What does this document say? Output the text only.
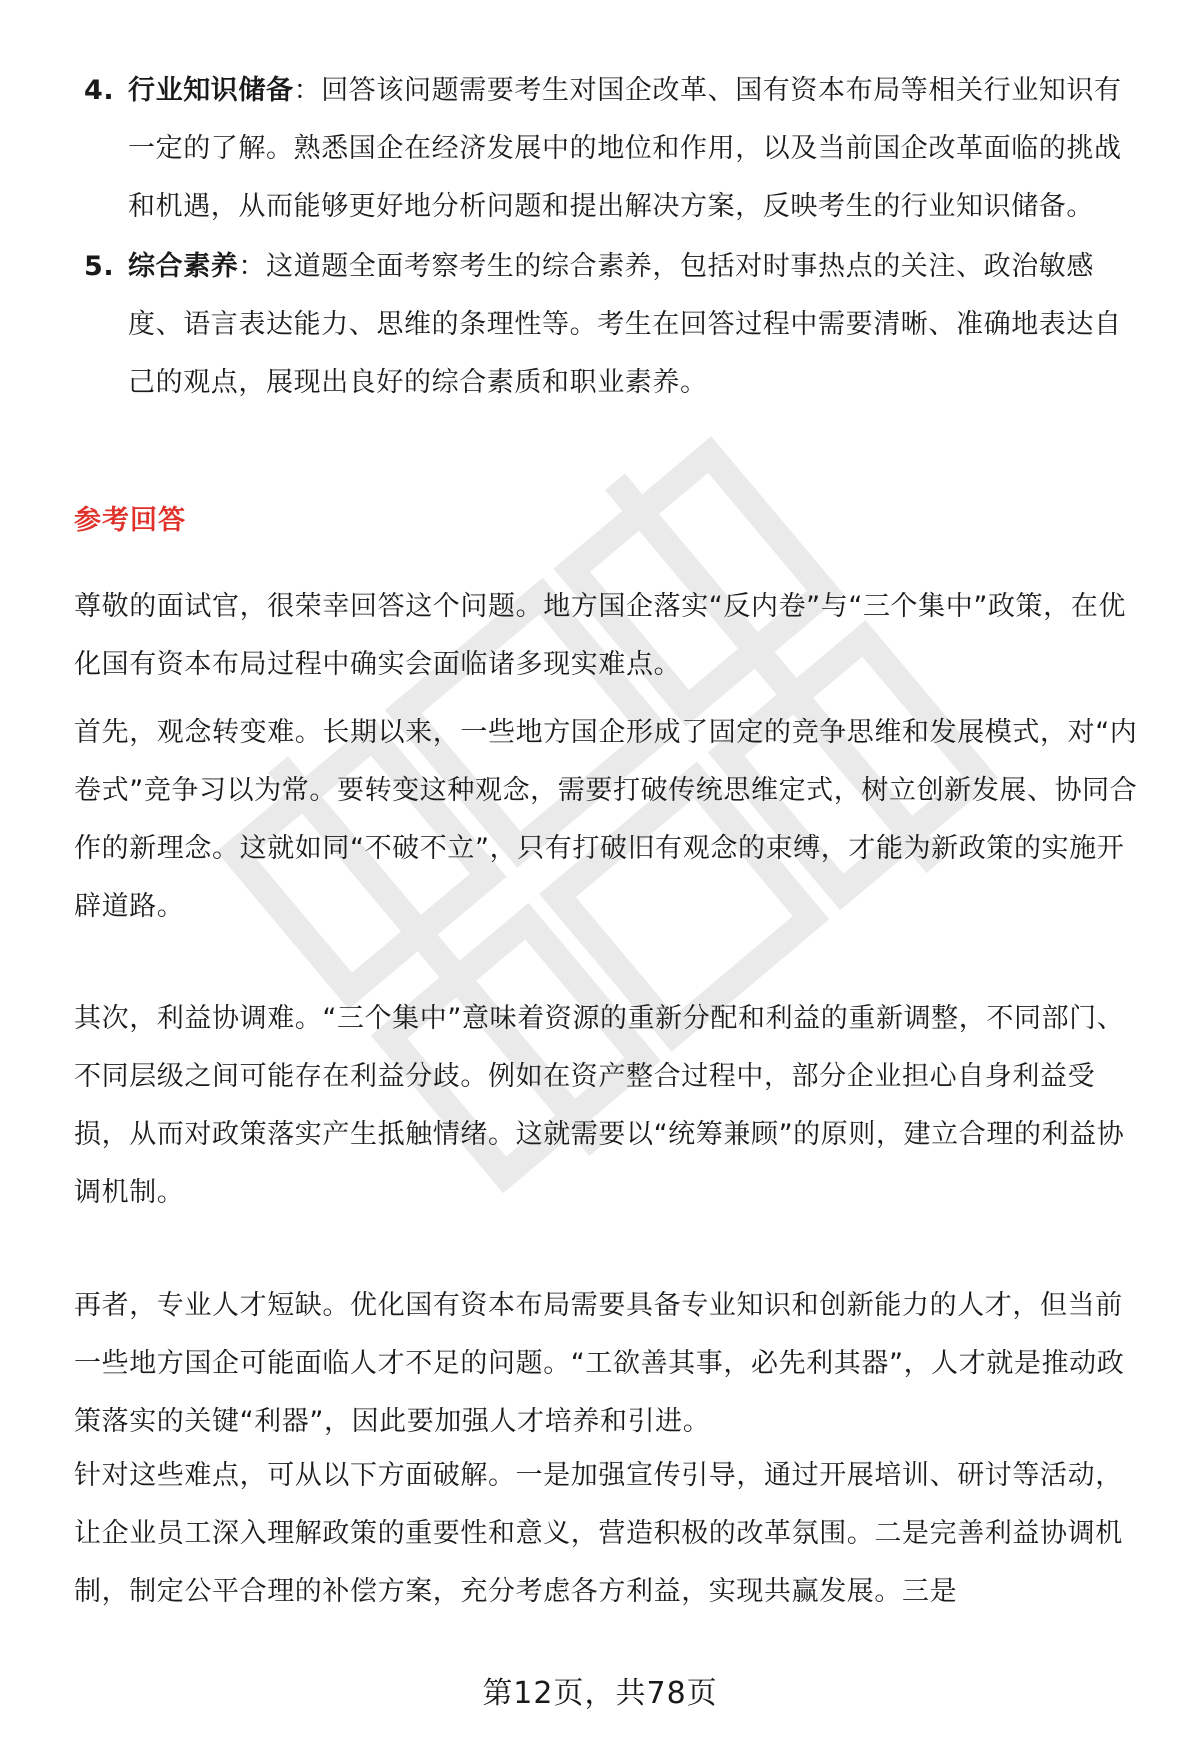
4. 行业知识储备：回答该问题需要考生对国企改革、国有资本布局等相关行业知识有一定的了解。熟悉国企在经济发展中的地位和作用，以及当前国企改革面临的挑战和机遇，从而能够更好地分析问题和提出解决方案，反映考生的行业知识储备。
5. 综合素养：这道题全面考察考生的综合素养，包括对时事热点的关注、政治敏感度、语言表达能力、思维的条理性等。考生在回答过程中需要清晰、准确地表达自己的观点，展现出良好的综合素质和职业素养。
参考回答

尊敬的面试官，很荣幸回答这个问题。地方国企落实“反内卷”与“三个集中”政策，在优化国有资本布局过程中确实会面临诸多现实难点。

首先，观念转变难。长期以来，一些地方国企形成了固定的竞争思维和发展模式，对“内卷式”竞争习以为常。要转变这种观念，需要打破传统思维定式，树立创新发展、协同合作的新理念。这就如同“不破不立”，只有打破旧有观念的束缚，才能为新政策的实施开辟道路。

其次，利益协调难。“三个集中”意味着资源的重新分配和利益的重新调整，不同部门、不同层级之间可能存在利益分歧。例如在资产整合过程中，部分企业担心自身利益受损，从而对政策落实产生抵触情绪。这就需要以“统筹兼顾”的原则，建立合理的利益协调机制。

再者，专业人才短缺。优化国有资本布局需要具备专业知识和创新能力的人才，但当前一些地方国企可能面临人才不足的问题。“工欲善其事，必先利其器”，人才就是推动政策落实的关键“利器”，因此要加强人才培养和引进。

针对这些难点，可从以下方面破解。一是加强宣传引导，通过开展培训、研讨等活动，让企业员工深入理解政策的重要性和意义，营造积极的改革氛围。二是完善利益协调机制，制定公平合理的补偿方案，充分考虑各方利益，实现共赢发展。三是

第12页，共78页
